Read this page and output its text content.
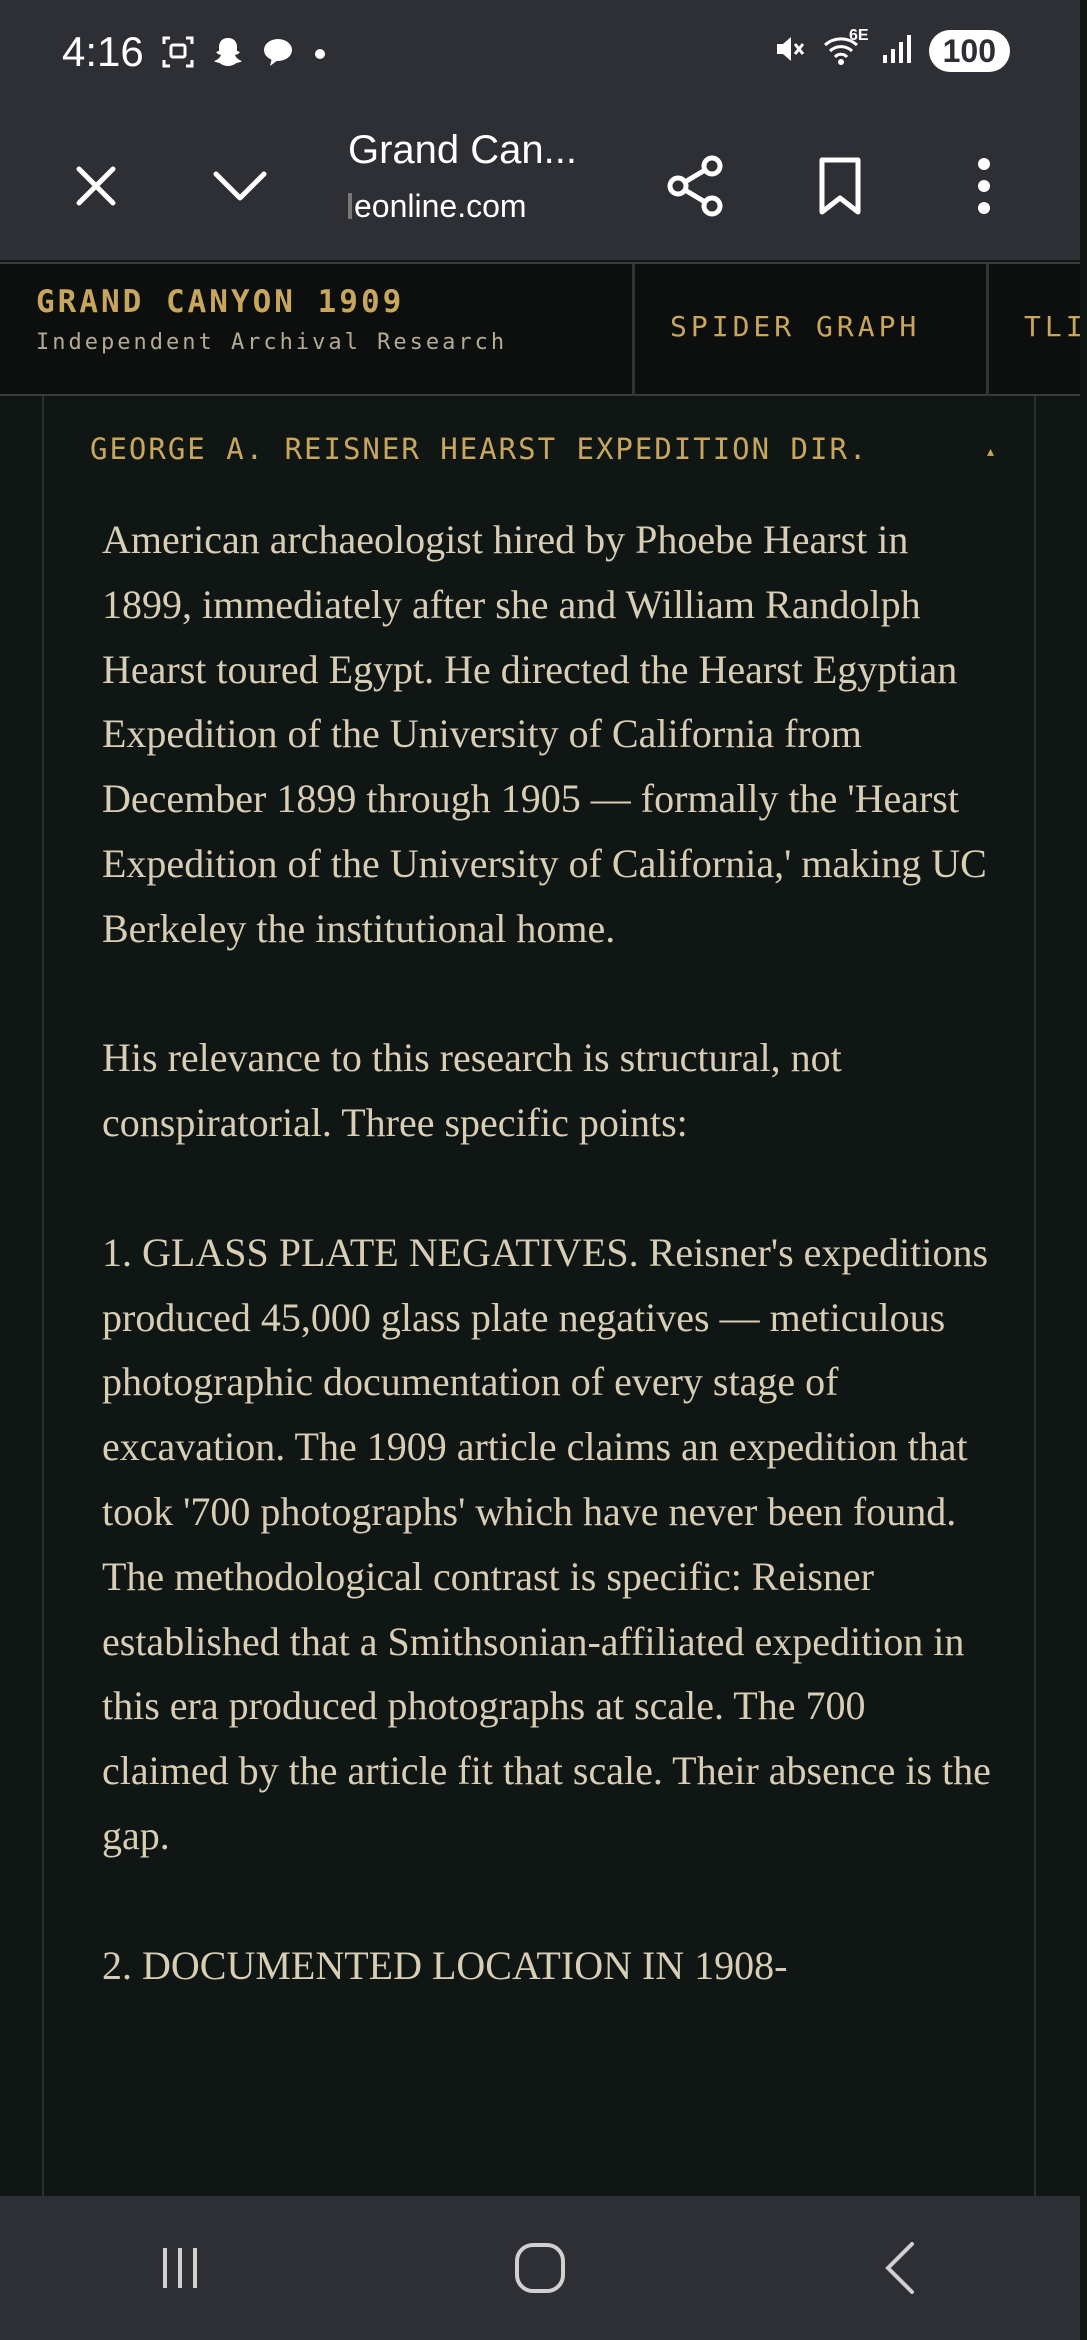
4:16	6E	100
Grand Can...
eonline.com
GRAND CANYON 1909
Independent Archival Research	SPIDER GRAPH	TLI
GEORGE A. REISNER HEARST EXPEDITION DIR.	▴
American archaeologist hired by Phoebe Hearst in 1899, immediately after she and William Randolph Hearst toured Egypt. He directed the Hearst Egyptian Expedition of the University of California from December 1899 through 1905 — formally the 'Hearst Expedition of the University of California,' making UC Berkeley the institutional home.

His relevance to this research is structural, not conspiratorial. Three specific points:

1. GLASS PLATE NEGATIVES. Reisner's expeditions produced 45,000 glass plate negatives — meticulous photographic documentation of every stage of excavation. The 1909 article claims an expedition that took '700 photographs' which have never been found. The methodological contrast is specific: Reisner established that a Smithsonian-affiliated expedition in this era produced photographs at scale. The 700 claimed by the article fit that scale. Their absence is the gap.

2. DOCUMENTED LOCATION IN 1908-
